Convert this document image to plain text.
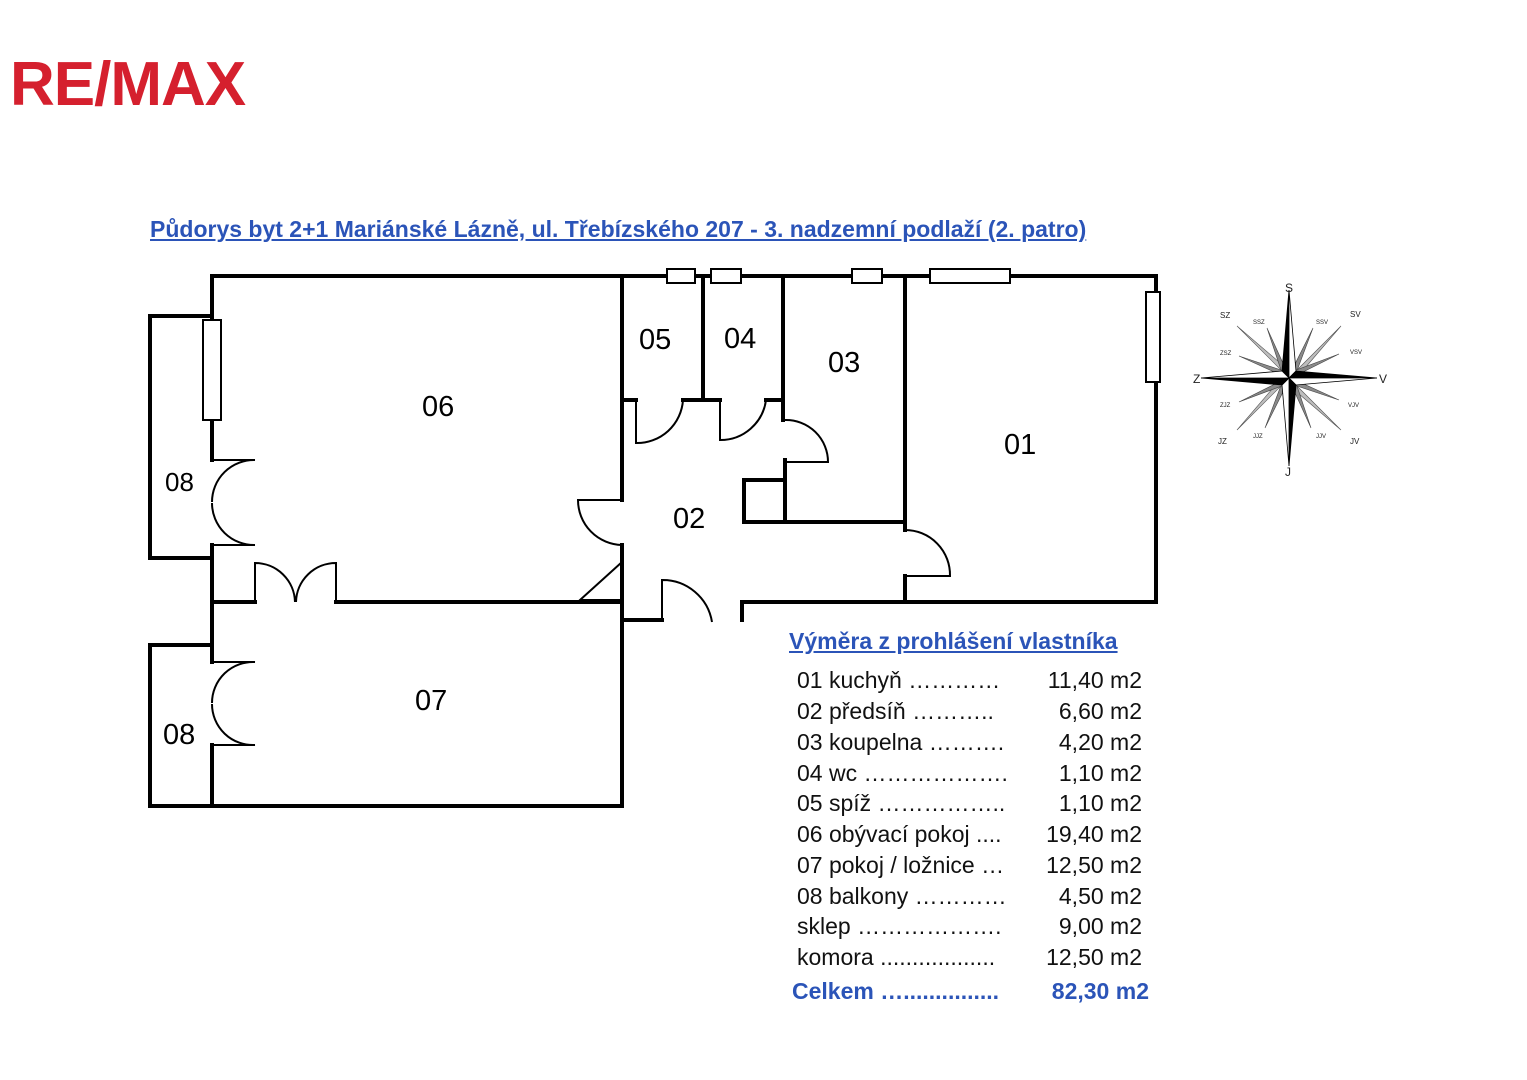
RE/MAX
Půdorys byt 2+1 Mariánské Lázně, ul. Třebízského 207 - 3. nadzemní podlaží (2. patro)
01
02
03
04
05
06
07
08
08
S
SSV
SV
VSV
V
VJV
JV
JJV
J
JJZ
JZ
ZJZ
Z
ZSZ
SZ
SSZ
Výměra z prohlášení vlastníka
01 kuchyň ………… 11,40 m2
02 předsíň ………..	6,60 m2
03 koupelna ………. 4,20 m2
04 wc ………………. 1,10 m2
05 spíž …………….. 1,10 m2
06 obývací pokoj .... 19,40 m2
07 pokoj / ložnice … 12,50 m2
08 balkony ………… 4,50 m2
sklep ………………. 9,00 m2
komora .................. 12,50 m2
Celkem …............... 82,30 m2
